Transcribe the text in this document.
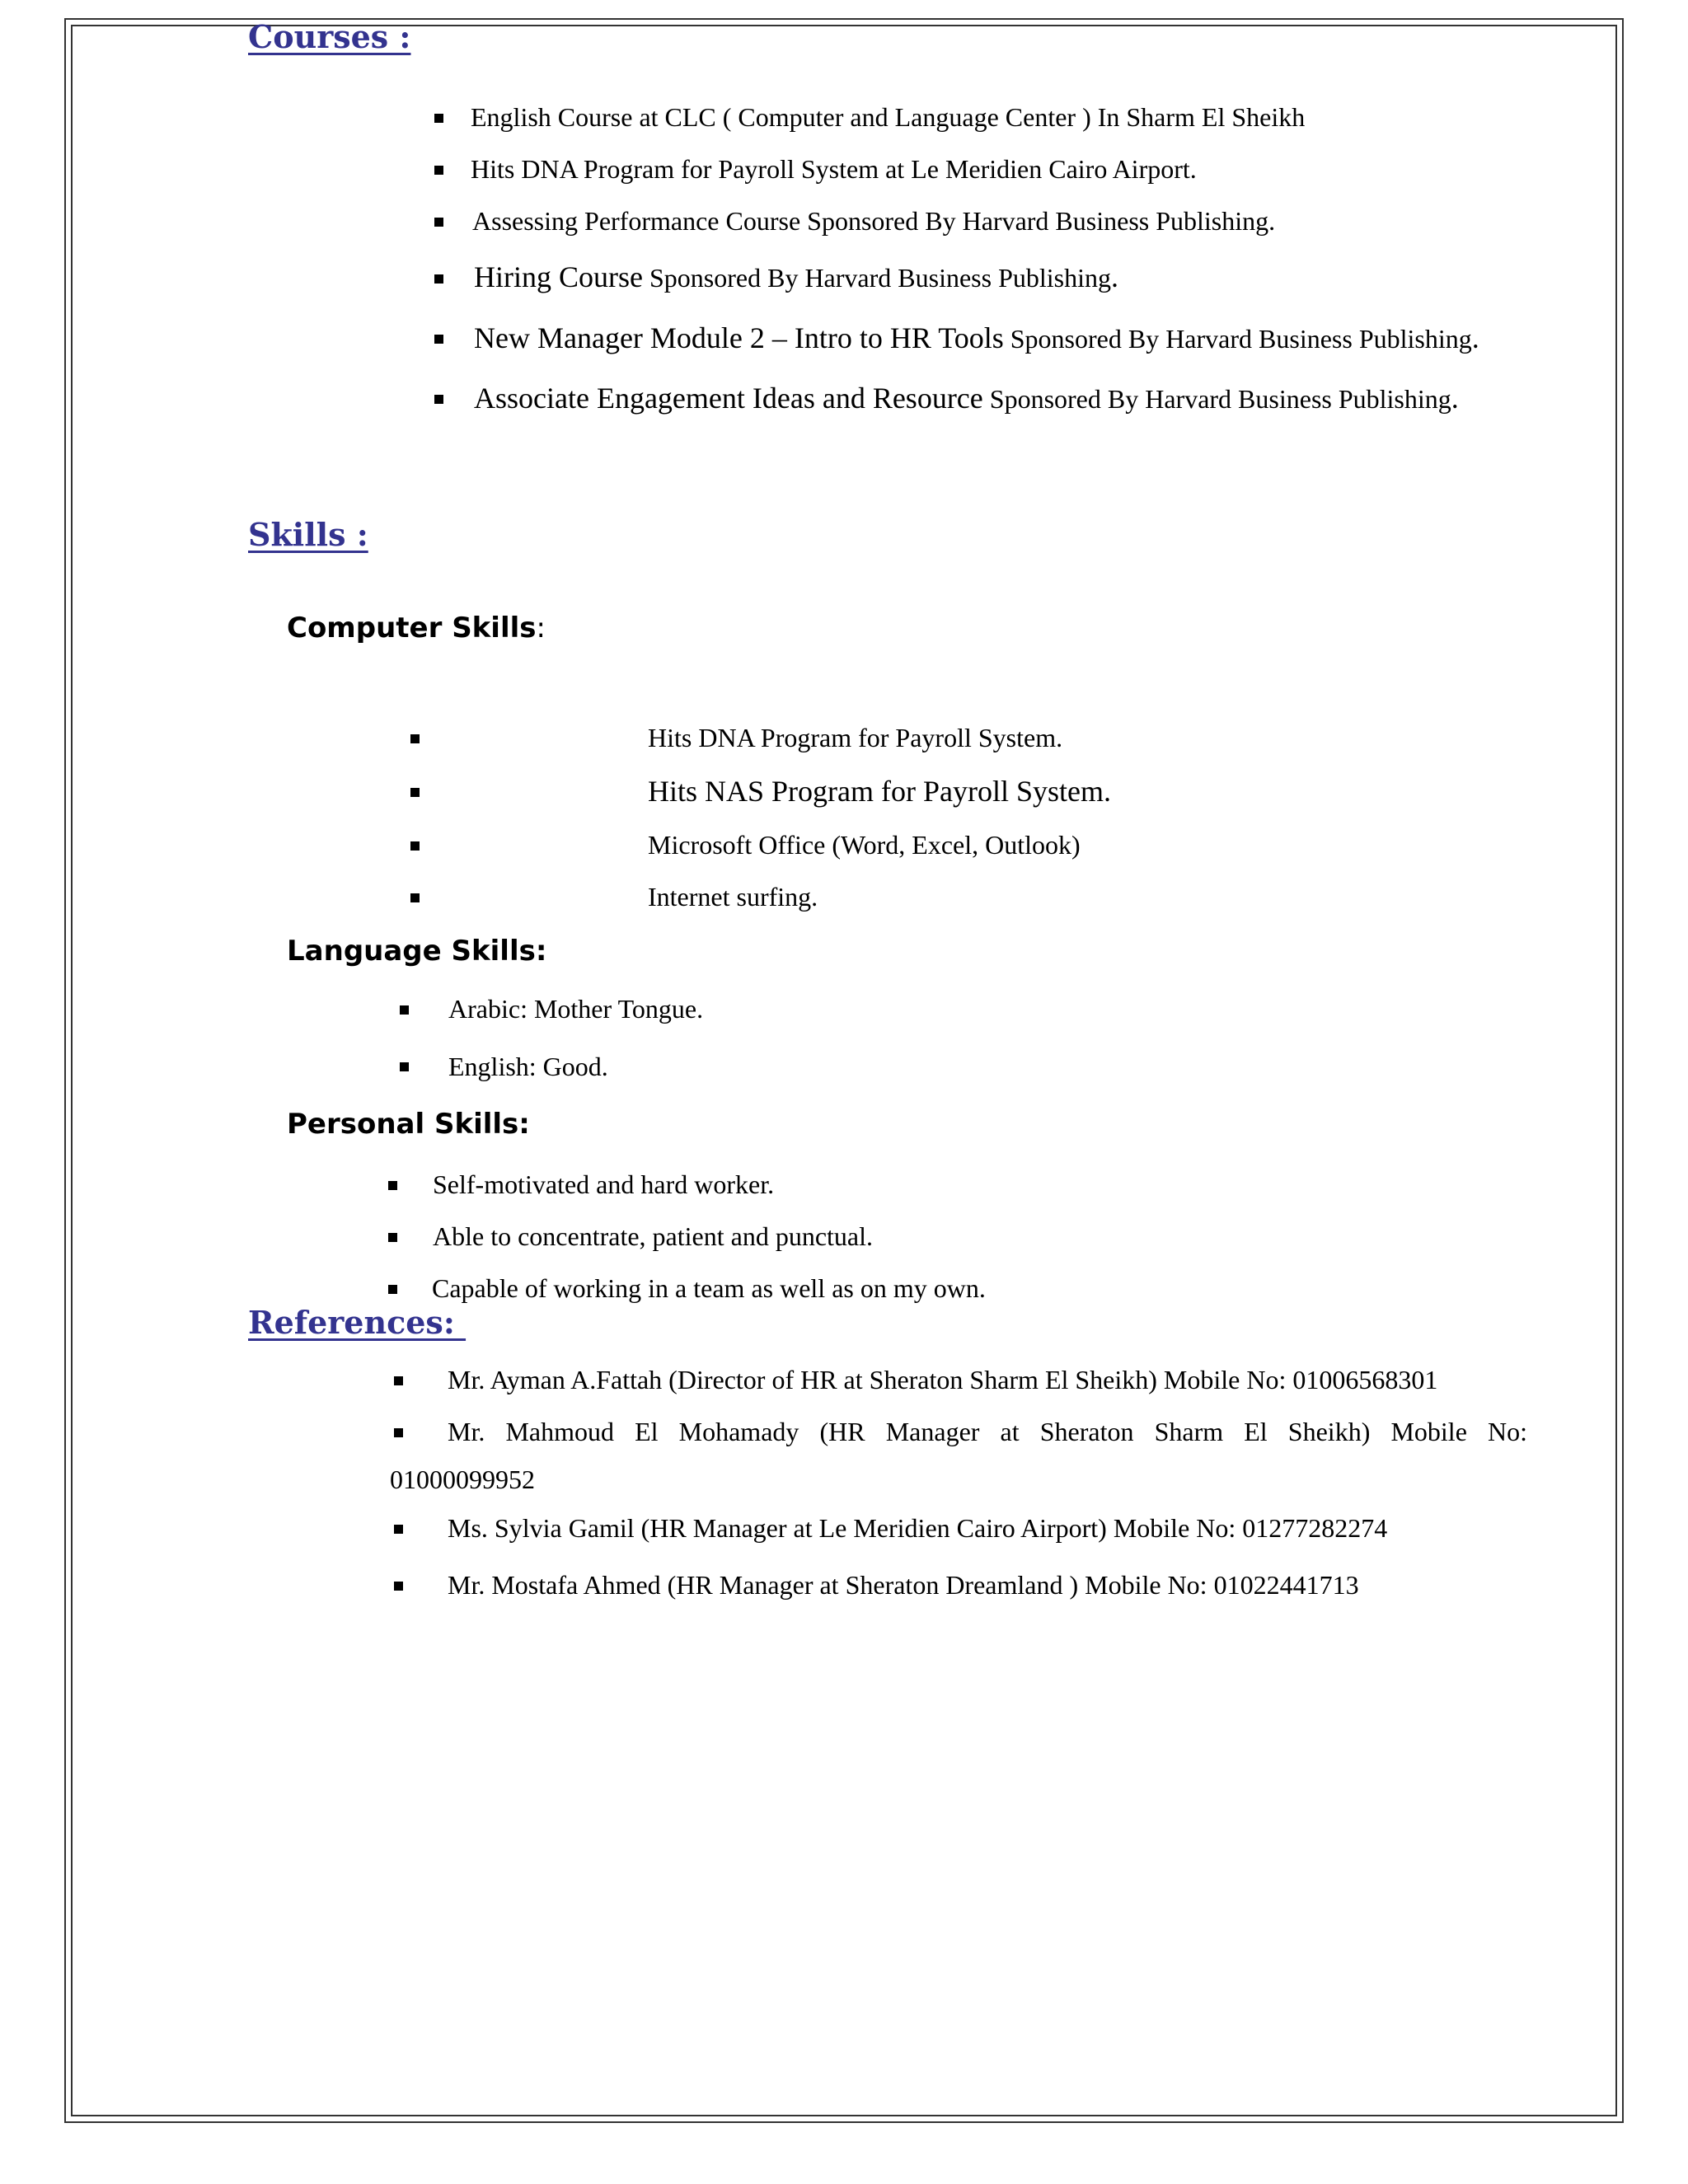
Courses :
English Course at CLC ( Computer and Language Center ) In Sharm El Sheikh
Hits DNA Program for Payroll System at Le Meridien Cairo Airport.
Assessing Performance Course Sponsored By Harvard Business Publishing.
Hiring Course Sponsored By Harvard Business Publishing.
New Manager Module 2 – Intro to HR Tools Sponsored By Harvard Business Publishing.
Associate Engagement Ideas and Resource Sponsored By Harvard Business Publishing.
Skills :
Computer Skills:
Hits DNA Program for Payroll System.
Hits NAS Program for Payroll System.
Microsoft Office (Word, Excel, Outlook)
Internet surfing.
Language Skills:
Arabic: Mother Tongue.
English: Good.
Personal Skills:
Self-motivated and hard worker.
Able to concentrate, patient and punctual.
Capable of working in a team as well as on my own.
References:
Mr. Ayman A.Fattah (Director of HR at Sheraton Sharm El Sheikh) Mobile No: 01006568301
Mr. Mahmoud El Mohamady (HR Manager at Sheraton Sharm El Sheikh) Mobile No:
01000099952
Ms. Sylvia Gamil (HR Manager at Le Meridien Cairo Airport) Mobile No: 01277282274
Mr. Mostafa Ahmed (HR Manager at Sheraton Dreamland ) Mobile No: 01022441713
